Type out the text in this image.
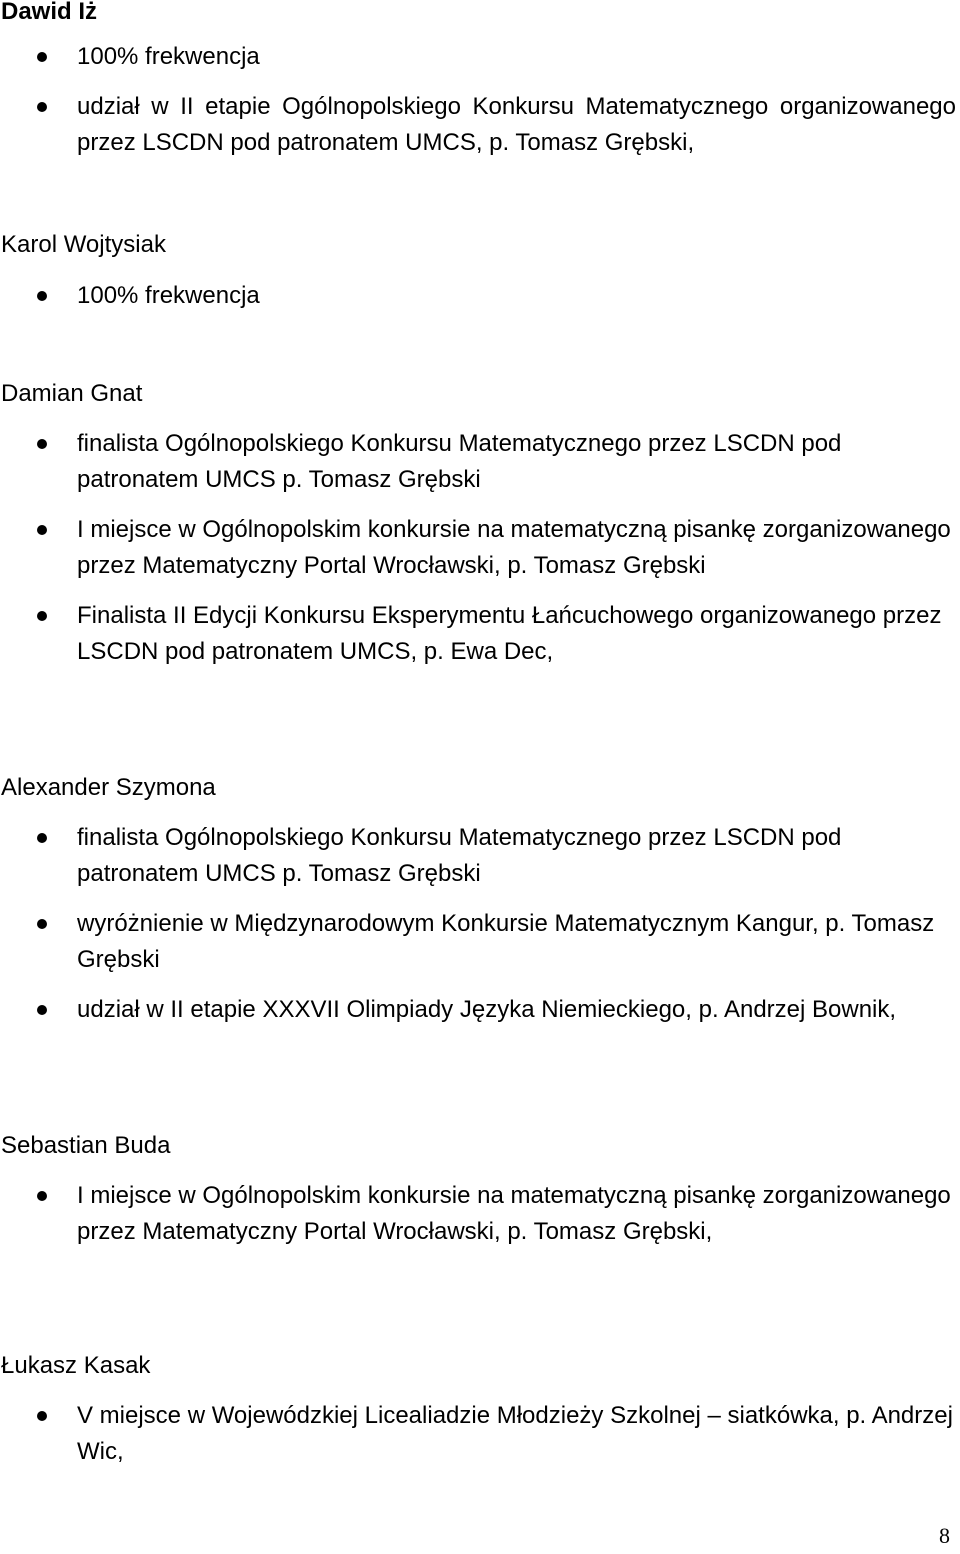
Dawid Iż
100% frekwencja
udział w II etapie Ogólnopolskiego Konkursu Matematycznego organizowanego przez LSCDN pod patronatem UMCS, p. Tomasz Grębski,
Karol Wojtysiak
100% frekwencja
Damian Gnat
finalista Ogólnopolskiego Konkursu Matematycznego przez LSCDN pod patronatem UMCS p. Tomasz Grębski
I miejsce w Ogólnopolskim konkursie na matematyczną pisankę zorganizowanego przez Matematyczny Portal Wrocławski, p. Tomasz Grębski
Finalista II Edycji Konkursu Eksperymentu Łańcuchowego organizowanego przez LSCDN pod patronatem UMCS, p. Ewa Dec,
Alexander Szymona
finalista Ogólnopolskiego Konkursu Matematycznego przez LSCDN pod patronatem UMCS p. Tomasz Grębski
wyróżnienie w Międzynarodowym Konkursie Matematycznym Kangur, p. Tomasz Grębski
udział w II etapie XXXVII Olimpiady Języka Niemieckiego, p. Andrzej Bownik,
Sebastian Buda
I miejsce w Ogólnopolskim konkursie na matematyczną pisankę zorganizowanego przez Matematyczny Portal Wrocławski, p. Tomasz Grębski,
Łukasz Kasak
V miejsce w Wojewódzkiej Licealiadzie Młodzieży Szkolnej – siatkówka, p. Andrzej Wic,
8
